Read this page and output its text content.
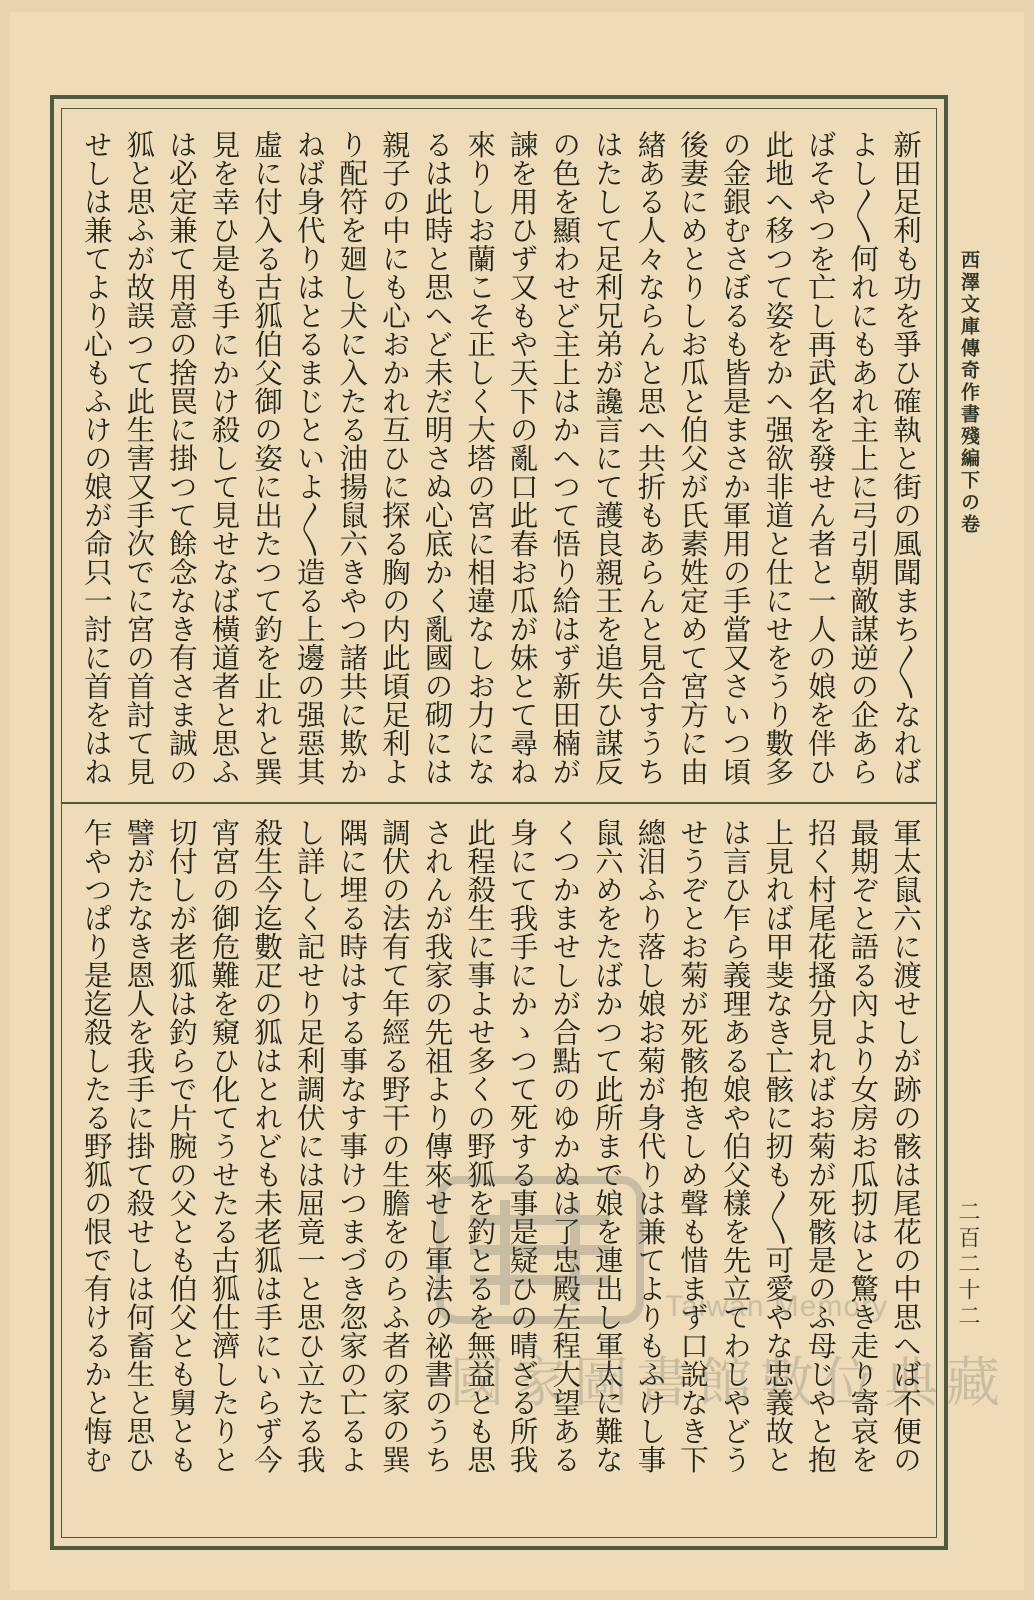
西澤文庫傳奇作書殘編下の卷
二百二十二
新田足利も功を爭ひ確執と街の風聞まち〳〵なれば
よし〳〵何れにもあれ主上に弓引朝敵謀逆の企あら
ばそやつを亡し再武名を發せん者と一人の娘を伴ひ
此地へ移つて姿をかへ强欲非道と仕にせをうり數多
の金銀むさぼるも皆是まさか軍用の手當又さいつ頃
後妻にめとりしお瓜と伯父が氏素姓定めて宮方に由
緖ある人々ならんと思へ共折もあらんと見合すうち
はたして足利兄弟が讒言にて護良親王を追失ひ謀反
の色を顯わせど主上はかへつて悟り給はず新田楠が
諫を用ひず又もや天下の亂口此春お瓜が妹とて尋ね
來りしお蘭こそ正しく大塔の宮に相違なしお力にな
るは此時と思へど未だ明さぬ心底かく亂國の砌には
親子の中にも心おかれ互ひに探る胸の内此頃足利よ
り配符を廻し犬に入たる油揚鼠六きやつ諸共に欺か
ねば身代りはとるまじといよ〳〵造る上邊の强惡其
虛に付入る古狐伯父御の姿に出たつて釣を止れと巽
見を幸ひ是も手にかけ殺して見せなば橫道者と思ふ
は必定兼て用意の捨罠に掛つて餘念なき有さま誠の
狐と思ふが故誤つて此生害又手次でに宮の首討て見
せしは兼てより心もふけの娘が命只一討に首をはね
軍太鼠六に渡せしが跡の骸は尾花の中思へば不便の
最期ぞと語る內より女房お瓜扨はと驚き走り寄哀を
招く村尾花搔分見ればお菊が死骸是のふ母じやと抱
上見れば甲斐なき亡骸に扨も〳〵可愛やな忠義故と
は言ひ乍ら義理ある娘や伯父樣を先立てわしやどう
せうぞとお菊が死骸抱きしめ聲も惜まず口說なき下
總泪ふり落し娘お菊が身代りは兼てよりもふけし事
鼠六めをたばかつて此所まで娘を連出し軍太に難な
くつかませしが合點のゆかぬは了忠殿左程大望ある
身にて我手にかゝつて死する事是疑ひの晴ざる所我
此程殺生に事よせ多くの野狐を釣とるを無益とも思
されんが我家の先祖より傳來せし軍法の祕書のうち
調伏の法有て年經る野干の生膽をのらふ者の家の巽
隅に埋る時はする事なす事けつまづき忽家の亡るよ
し詳しく記せり足利調伏には屈竟一と思ひ立たる我
殺生今迄數疋の狐はとれども未老狐は手にいらず今
宵宮の御危難を窺ひ化てうせたる古狐仕濟したりと
切付しが老狐は釣らで片腕の父とも伯父とも舅とも
譬がたなき恩人を我手に掛て殺せしは何畜生と思ひ
乍やつぱり是迄殺したる野狐の恨で有けるかと悔む	Taiwan Memory
國家圖書館數位典藏
